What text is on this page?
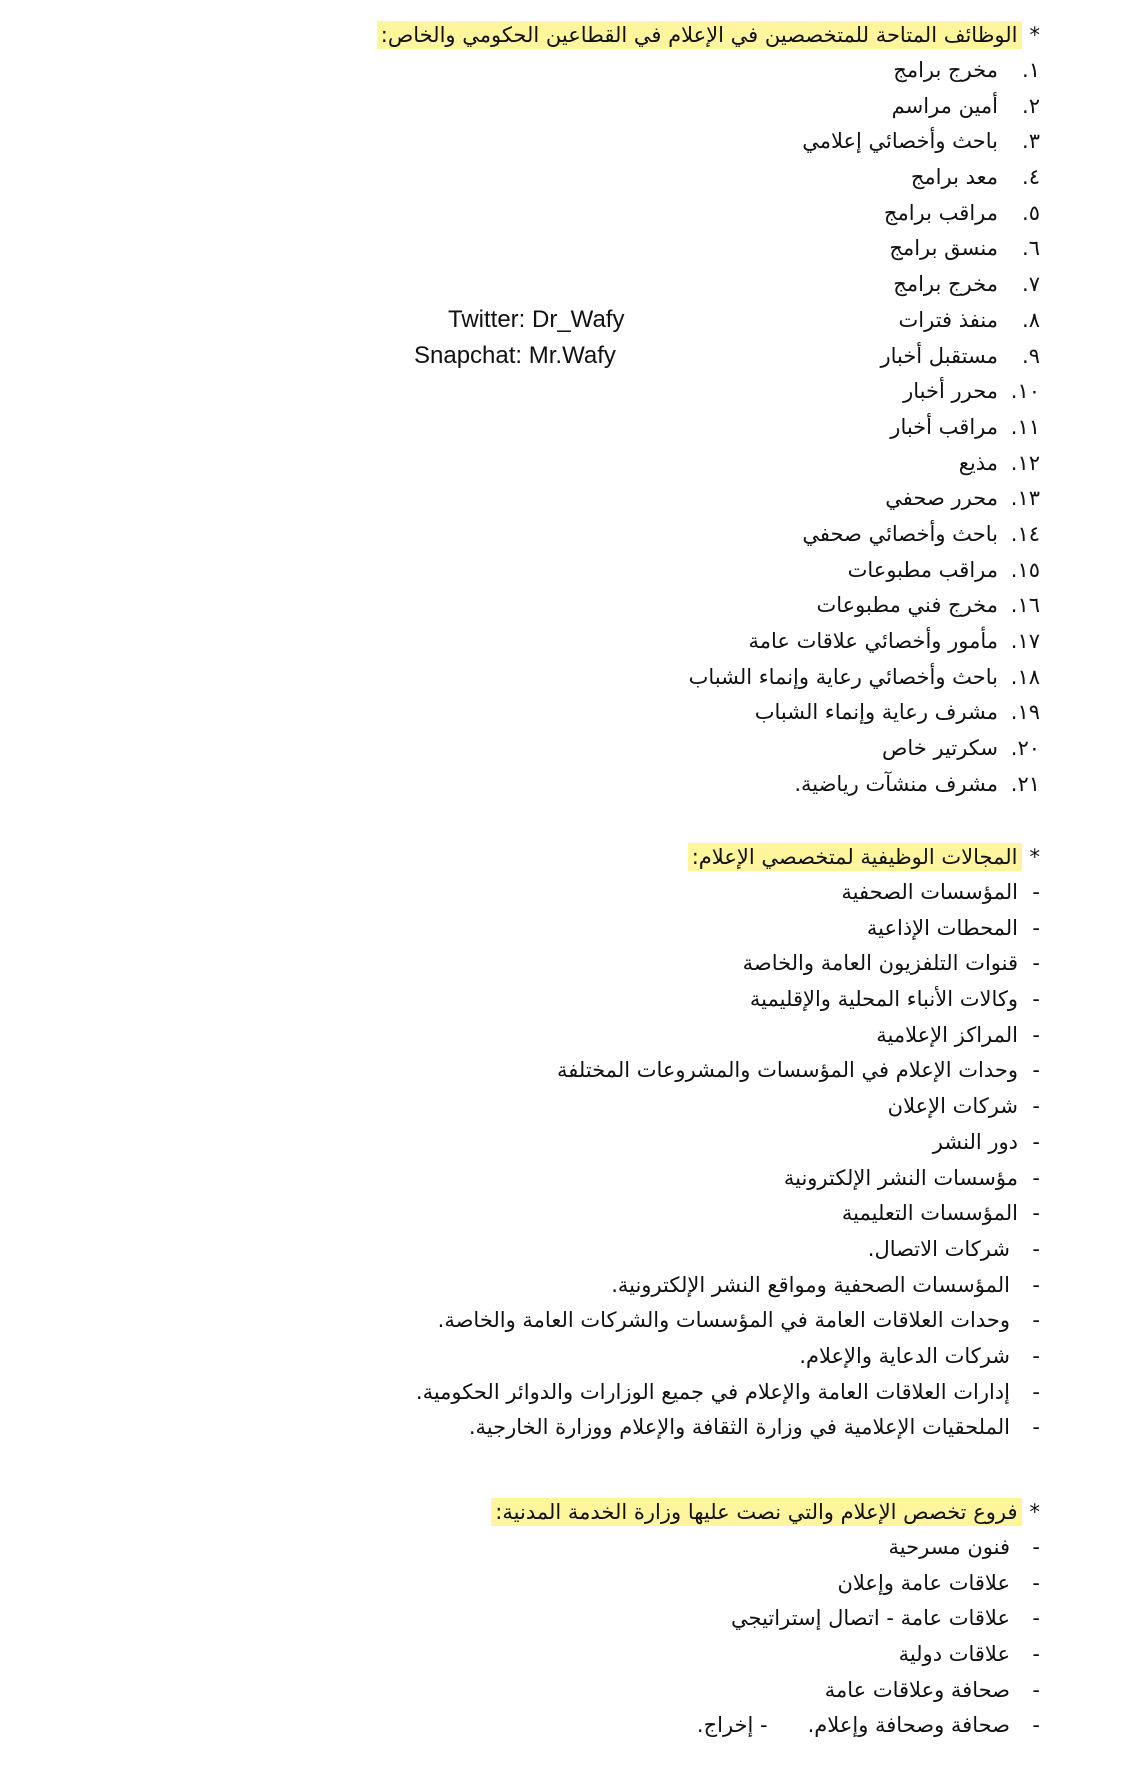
*الوظائف المتاحة للمتخصصين في الإعلام في القطاعين الحكومي والخاص:
١.مخرج برامج
٢.أمين مراسم
٣.باحث وأخصائي إعلامي
٤.معد برامج
٥.مراقب برامج
٦.منسق برامج
٧.مخرج برامج
٨.منفذ فترات
٩.مستقبل أخبار
١٠.محرر أخبار
١١.مراقب أخبار
١٢.مذيع
١٣.محرر صحفي
١٤.باحث وأخصائي صحفي
١٥.مراقب مطبوعات
١٦.مخرج فني مطبوعات
١٧.مأمور وأخصائي علاقات عامة
١٨.باحث وأخصائي رعاية وإنماء الشباب
١٩.مشرف رعاية وإنماء الشباب
٢٠.سكرتير خاص
٢١.مشرف منشآت رياضية.
Twitter: Dr_Wafy
Snapchat: Mr.Wafy
*المجالات الوظيفية لمتخصصي الإعلام:
-المؤسسات الصحفية
-المحطات الإذاعية
-قنوات التلفزيون العامة والخاصة
-وكالات الأنباء المحلية والإقليمية
-المراكز الإعلامية
-وحدات الإعلام في المؤسسات والمشروعات المختلفة
-شركات الإعلان
-دور النشر
-مؤسسات النشر الإلكترونية
-المؤسسات التعليمية
-شركات الاتصال.
-المؤسسات الصحفية ومواقع النشر الإلكترونية.
-وحدات العلاقات العامة في المؤسسات والشركات العامة والخاصة.
-شركات الدعاية والإعلام.
-إدارات العلاقات العامة والإعلام في جميع الوزارات والدوائر الحكومية.
-الملحقيات الإعلامية في وزارة الثقافة والإعلام ووزارة الخارجية.
*فروع تخصص الإعلام والتي نصت عليها وزارة الخدمة المدنية:
-فنون مسرحية
-علاقات عامة وإعلان
-علاقات عامة - اتصال إستراتيجي
-علاقات دولية
-صحافة وعلاقات عامة
-صحافة وصحافة وإعلام.- إخراج.
